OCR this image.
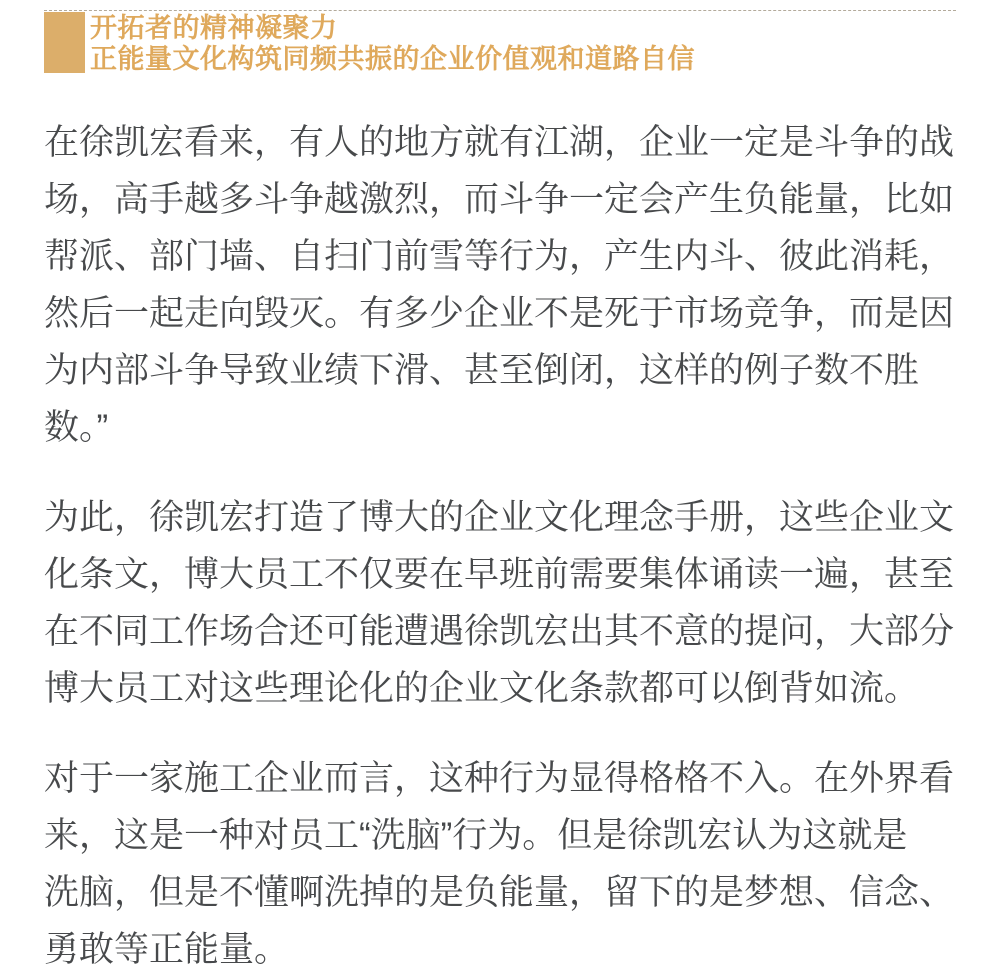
开拓者的精神凝聚力
正能量文化构筑同频共振的企业价值观和道路自信

在徐凯宏看来，有人的地方就有江湖，企业一定是斗争的战
场，高手越多斗争越激烈，而斗争一定会产生负能量，比如
帮派、部门墙、自扫门前雪等行为，产生内斗、彼此消耗，
然后一起走向毁灭。有多少企业不是死于市场竞争，而是因
为内部斗争导致业绩下滑、甚至倒闭，这样的例子数不胜
数。”

为此，徐凯宏打造了博大的企业文化理念手册，这些企业文
化条文，博大员工不仅要在早班前需要集体诵读一遍，甚至
在不同工作场合还可能遭遇徐凯宏出其不意的提问，大部分
博大员工对这些理论化的企业文化条款都可以倒背如流。

对于一家施工企业而言，这种行为显得格格不入。在外界看
来，这是一种对员工“洗脑”行为。但是徐凯宏认为这就是
洗脑，但是不懂啊洗掉的是负能量，留下的是梦想、信念、
勇敢等正能量。
